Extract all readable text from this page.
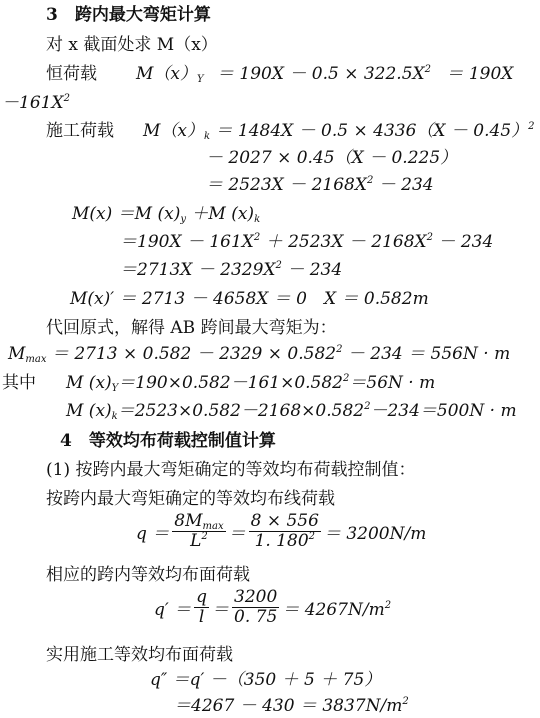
3　跨内最大弯矩计算
对 x 截面处求 M（x）
恒荷载 $M(x)_Y = 190X - 0.5 \times 322.5X^2 = 190X$
$-161X^2$
施工荷载 $M(x)_k = 1484X - 0.5 \times 4336(X - 0.45)^2$
－ 2027 × 0.45（X － 0.225）
＝ $2523X - 2168X^2 - 234$
M(x) ＝M $(x)_y +M$ $(x)_k$
$=190X - 161X^2 + 2523X - 2168X^2 - 234$
$=2713X - 2329X^2 - 234$
M(x)′ ＝ 2713 － 4658X ＝ 0　X ＝ 0.582m
代回原式，解得 AB 跨间最大弯矩为：
$M_{max} = 2713 \times 0.582 - 2329 \times 0.582^2 - 234 = 556N \cdot m$
其中 M $(x)_Y=190\times 0.582-161\times 0.582^2=56N \cdot m$
M $(x)_k=2523\times 0.582-2168\times 0.582^2-234=500N \cdot m$
4　等效均布荷载控制值计算
(1) 按跨内最大弯矩确定的等效均布荷载控制值：
按跨内最大弯矩确定的等效均布线荷载
$q = \frac{8M_{max}}{L^2} = \frac{8 \times 556}{1. 180^2} = 3200N/m$
相应的跨内等效均布面荷载
$q' = \frac{q}{l} = \frac{3200}{0. 75} = 4267N/m^2$
实用施工等效均布面荷载
q″ ＝q′ －（350 ＋ 5 ＋ 75）
$=4267 - 430 = 3837N/m^2$
